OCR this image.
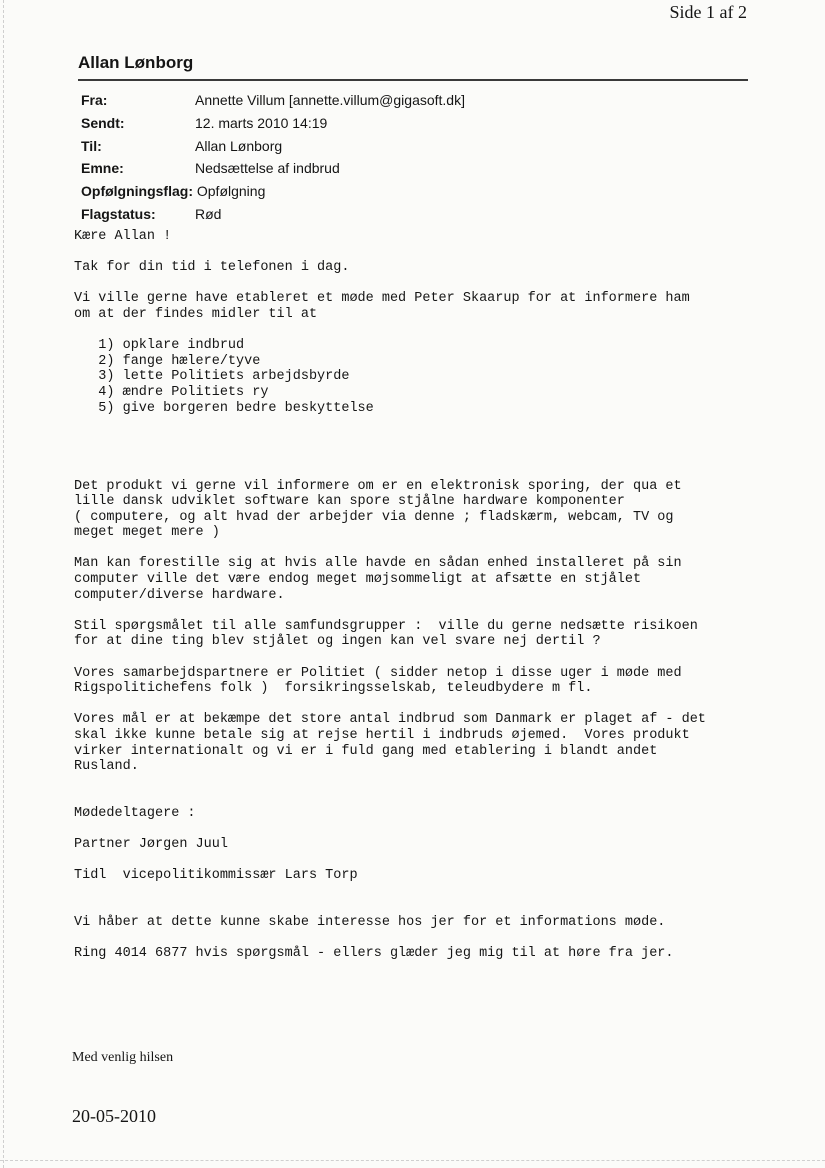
Side 1 af 2
Allan Lønborg
Fra:	Annette Villum [annette.villum@gigasoft.dk]
Sendt:	12. marts 2010 14:19
Til:	Allan Lønborg
Emne:	Nedsættelse af indbrud
Opfølgningsflag: Opfølgning
Flagstatus:	Rød
Kære Allan !
Tak for din tid i telefonen i dag.
Vi ville gerne have etableret et møde med Peter Skaarup for at informere ham
om at der findes midler til at
1) opklare indbrud
2) fange hælere/tyve
3) lette Politiets arbejdsbyrde
4) ændre Politiets ry
5) give borgeren bedre beskyttelse
Det produkt vi gerne vil informere om er en elektronisk sporing, der qua et
lille dansk udviklet software kan spore stjålne hardware komponenter
( computere, og alt hvad der arbejder via denne ; fladskærm, webcam, TV og
meget meget mere )
Man kan forestille sig at hvis alle havde en sådan enhed installeret på sin
computer ville det være endog meget møjsommeligt at afsætte en stjålet
computer/diverse hardware.
Stil spørgsmålet til alle samfundsgrupper :  ville du gerne nedsætte risikoen
for at dine ting blev stjålet og ingen kan vel svare nej dertil ?
Vores samarbejdspartnere er Politiet ( sidder netop i disse uger i møde med
Rigspolitichefens folk )  forsikringsselskab, teleudbydere m fl.
Vores mål er at bekæmpe det store antal indbrud som Danmark er plaget af - det
skal ikke kunne betale sig at rejse hertil i indbruds øjemed.  Vores produkt
virker internationalt og vi er i fuld gang med etablering i blandt andet
Rusland.
Mødedeltagere :
Partner Jørgen Juul
Tidl  vicepolitikommissær Lars Torp
Vi håber at dette kunne skabe interesse hos jer for et informations møde.
Ring 4014 6877 hvis spørgsmål - ellers glæder jeg mig til at høre fra jer.
Med venlig hilsen
20-05-2010
